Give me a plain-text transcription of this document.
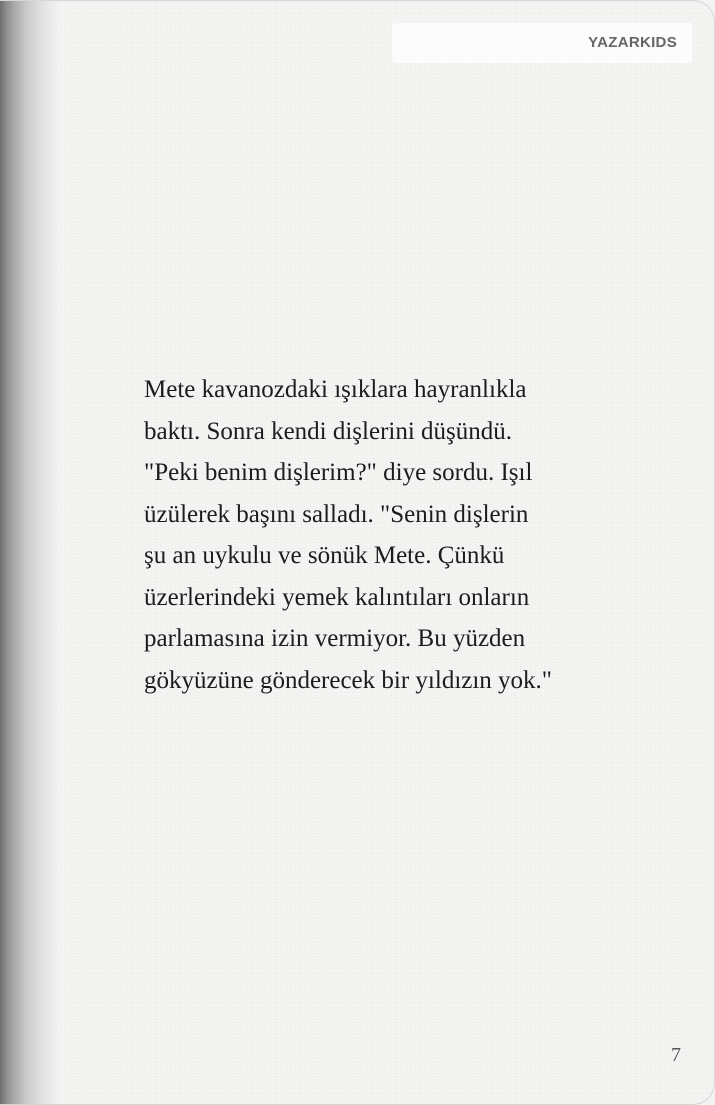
YAZARKIDS

Mete kavanozdaki ışıklara hayranlıkla
baktı. Sonra kendi dişlerini düşündü.
"Peki benim dişlerim?" diye sordu. Işıl
üzülerek başını salladı. "Senin dişlerin
şu an uykulu ve sönük Mete. Çünkü
üzerlerindeki yemek kalıntıları onların
parlamasına izin vermiyor. Bu yüzden
gökyüzüne gönderecek bir yıldızın yok."

7
